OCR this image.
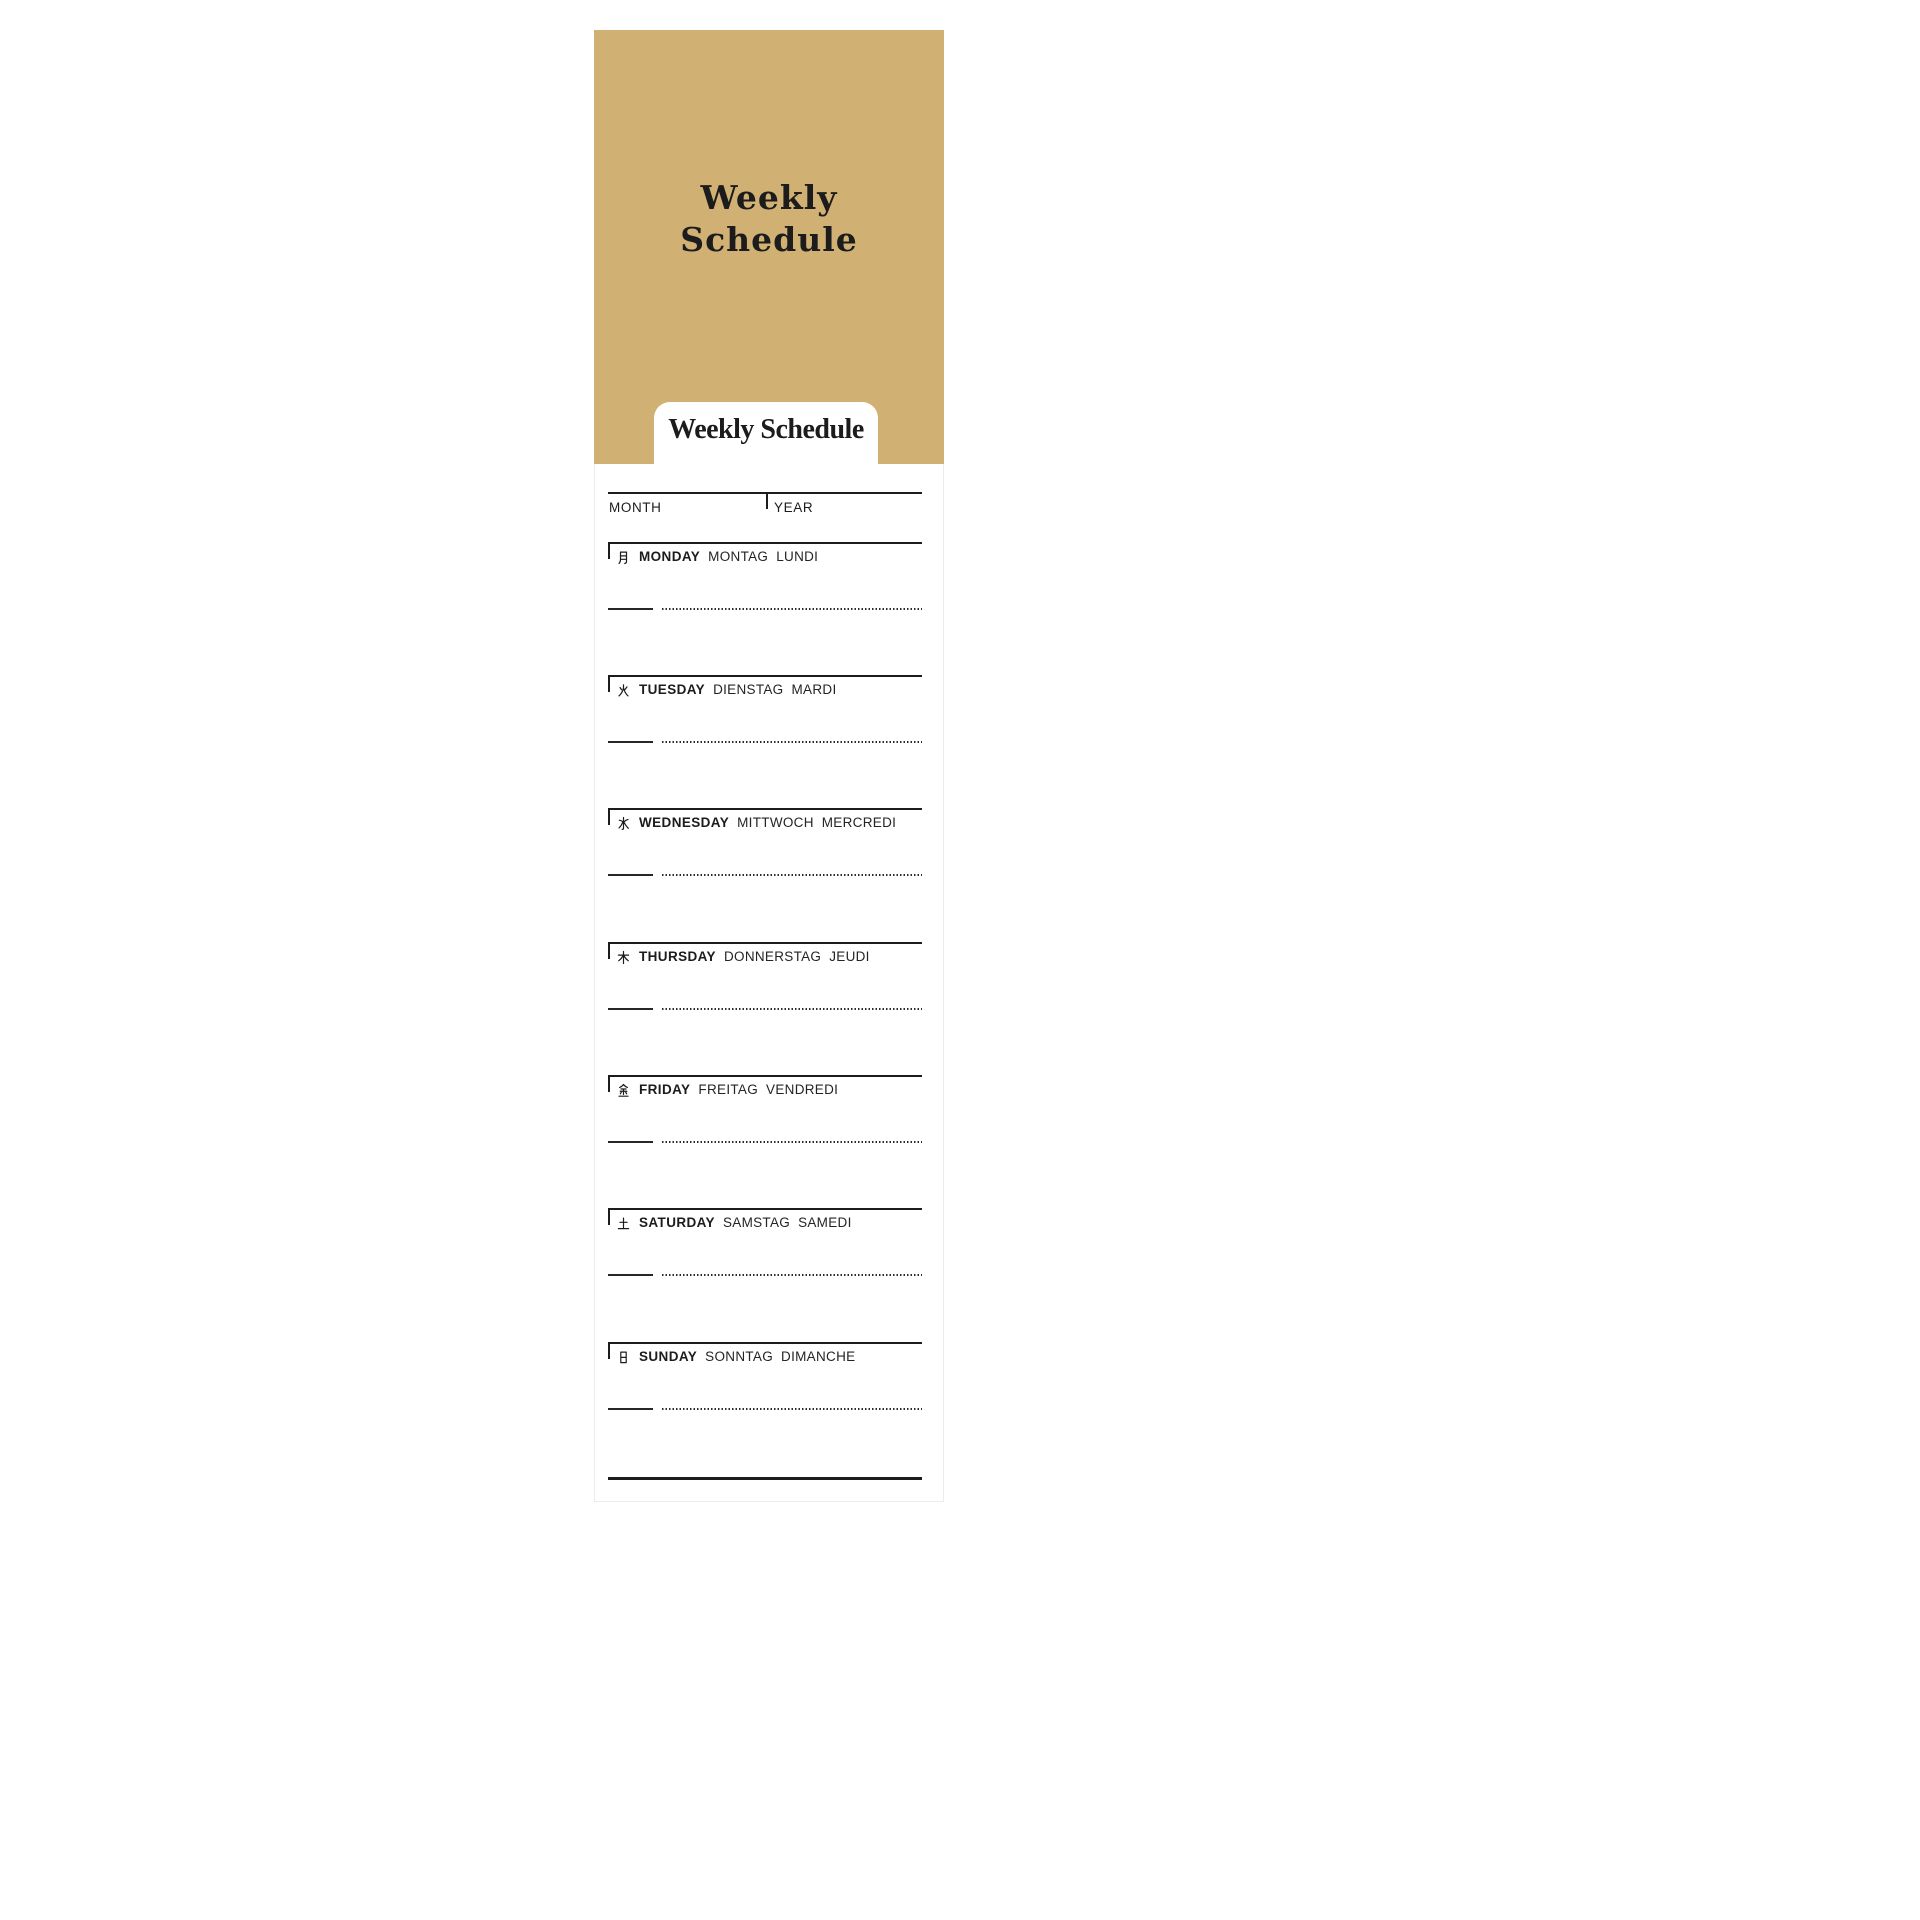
Weekly
Schedule
Weekly Schedule
MONTH	YEAR
MONDAY MONTAG LUNDI
TUESDAY DIENSTAG MARDI
WEDNESDAY MITTWOCH MERCREDI
THURSDAY DONNERSTAG JEUDI
FRIDAY FREITAG VENDREDI
SATURDAY SAMSTAG SAMEDI
SUNDAY SONNTAG DIMANCHE
